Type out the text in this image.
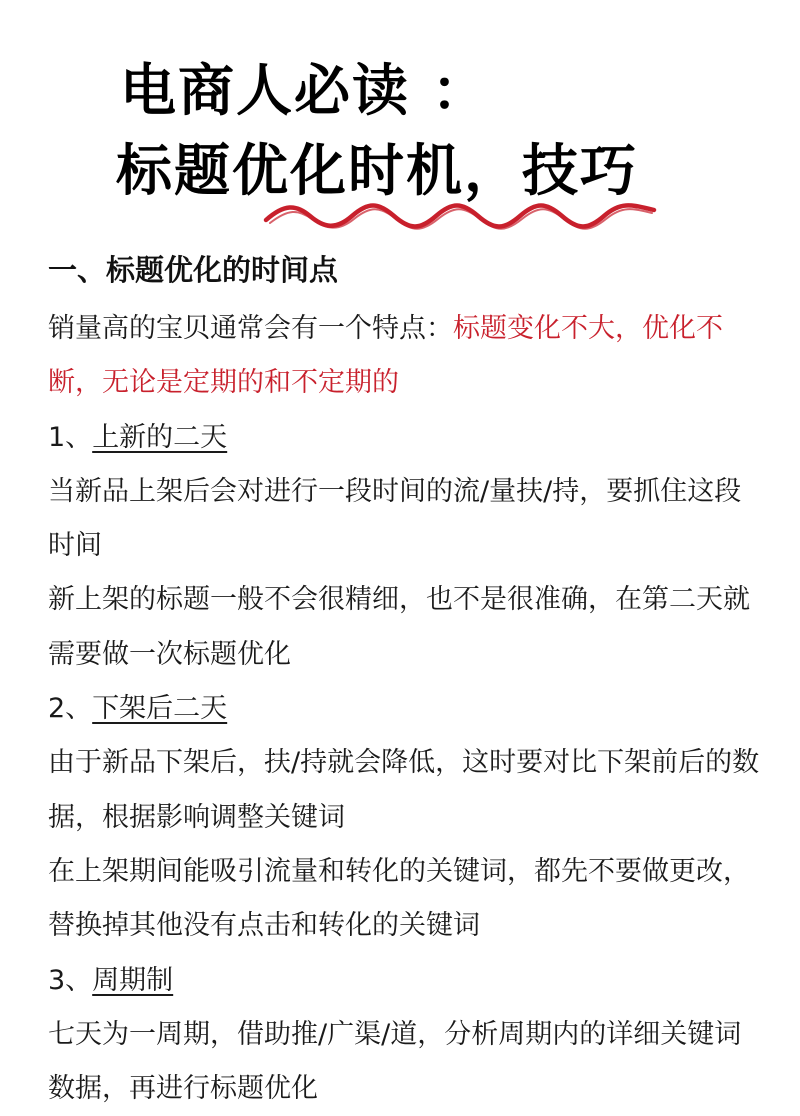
电商人必读 ：
标题优化时机，技巧
一、标题优化的时间点

销量高的宝贝通常会有一个特点：标题变化不大，优化不断，无论是定期的和不定期的

1、上新的二天

当新品上架后会对进行一段时间的流/量扶/持，要抓住这段时间

新上架的标题一般不会很精细，也不是很准确，在第二天就需要做一次标题优化

2、下架后二天

由于新品下架后，扶/持就会降低，这时要对比下架前后的数据，根据影响调整关键词

在上架期间能吸引流量和转化的关键词，都先不要做更改，替换掉其他没有点击和转化的关键词

3、周期制

七天为一周期，借助推/广渠/道，分析周期内的详细关键词数据，再进行标题优化
